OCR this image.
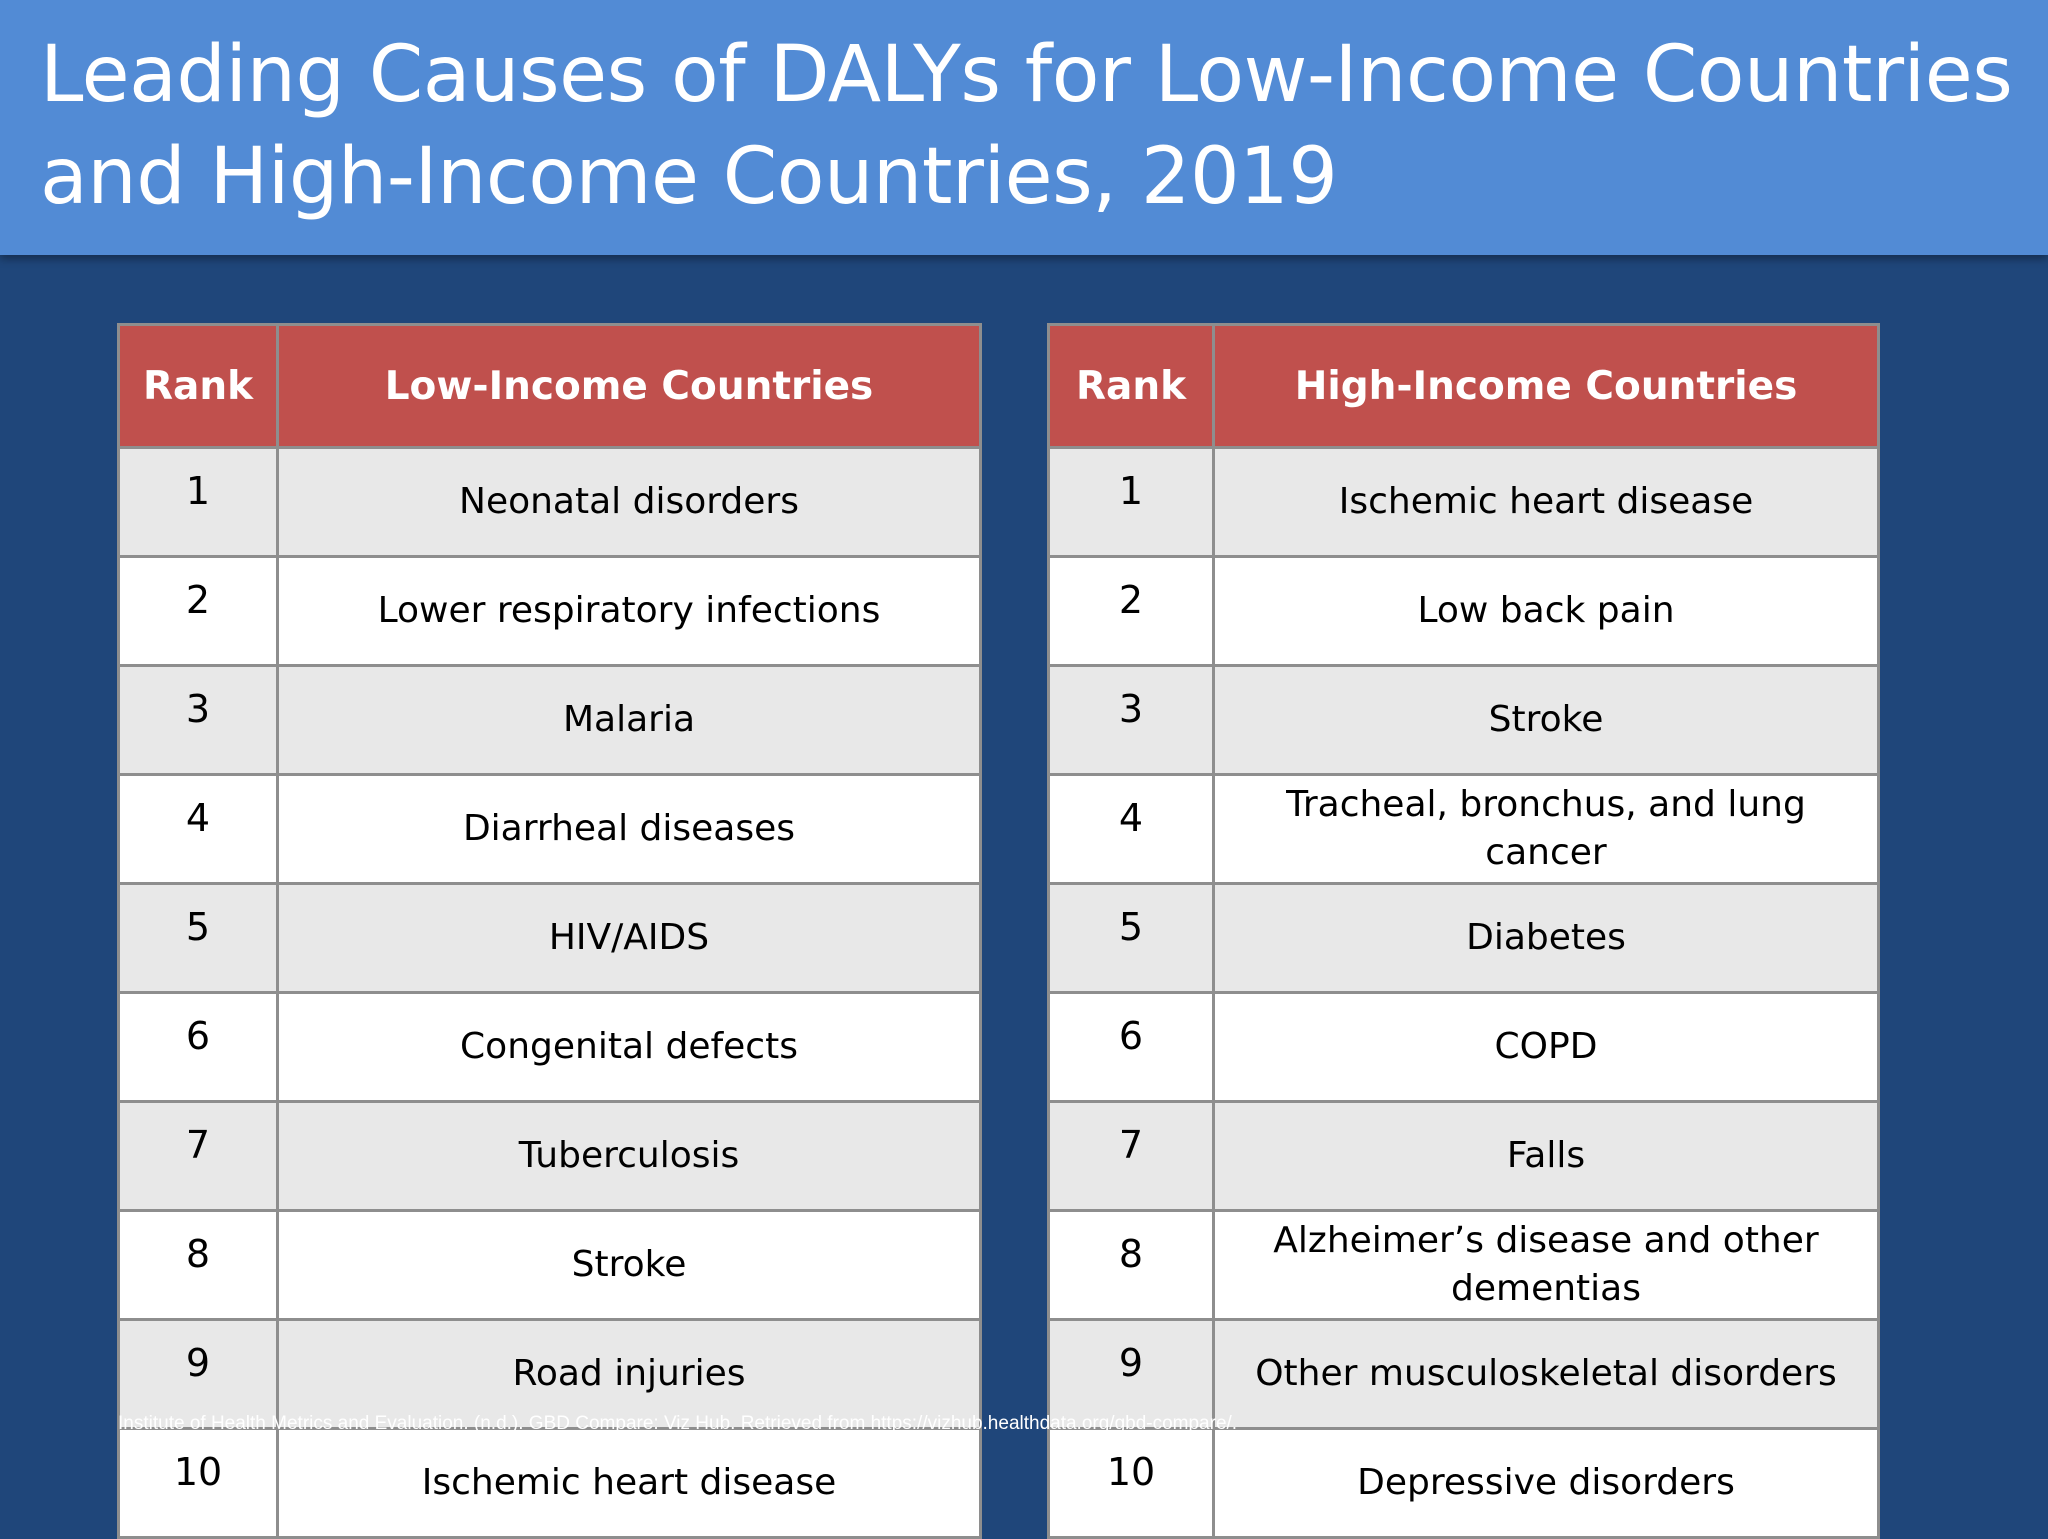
Leading Causes of DALYs for Low-Income Countries and High-Income Countries, 2019
Rank	Low-Income Countries
1	Neonatal disorders
2	Lower respiratory infections
3	Malaria
4	Diarrheal diseases
5	HIV/AIDS
6	Congenital defects
7	Tuberculosis
8	Stroke
9	Road injuries
10	Ischemic heart disease
Rank	High-Income Countries
1	Ischemic heart disease
2	Low back pain
3	Stroke
4	Tracheal, bronchus, and lung cancer
5	Diabetes
6	COPD
7	Falls
8	Alzheimer’s disease and other dementias
9	Other musculoskeletal disorders
10	Depressive disorders

Institute of Health Metrics and Evaluation. (n.d.). GBD Compare: Viz Hub. Retrieved from https://vizhub.healthdata.org/gbd-compare/.
